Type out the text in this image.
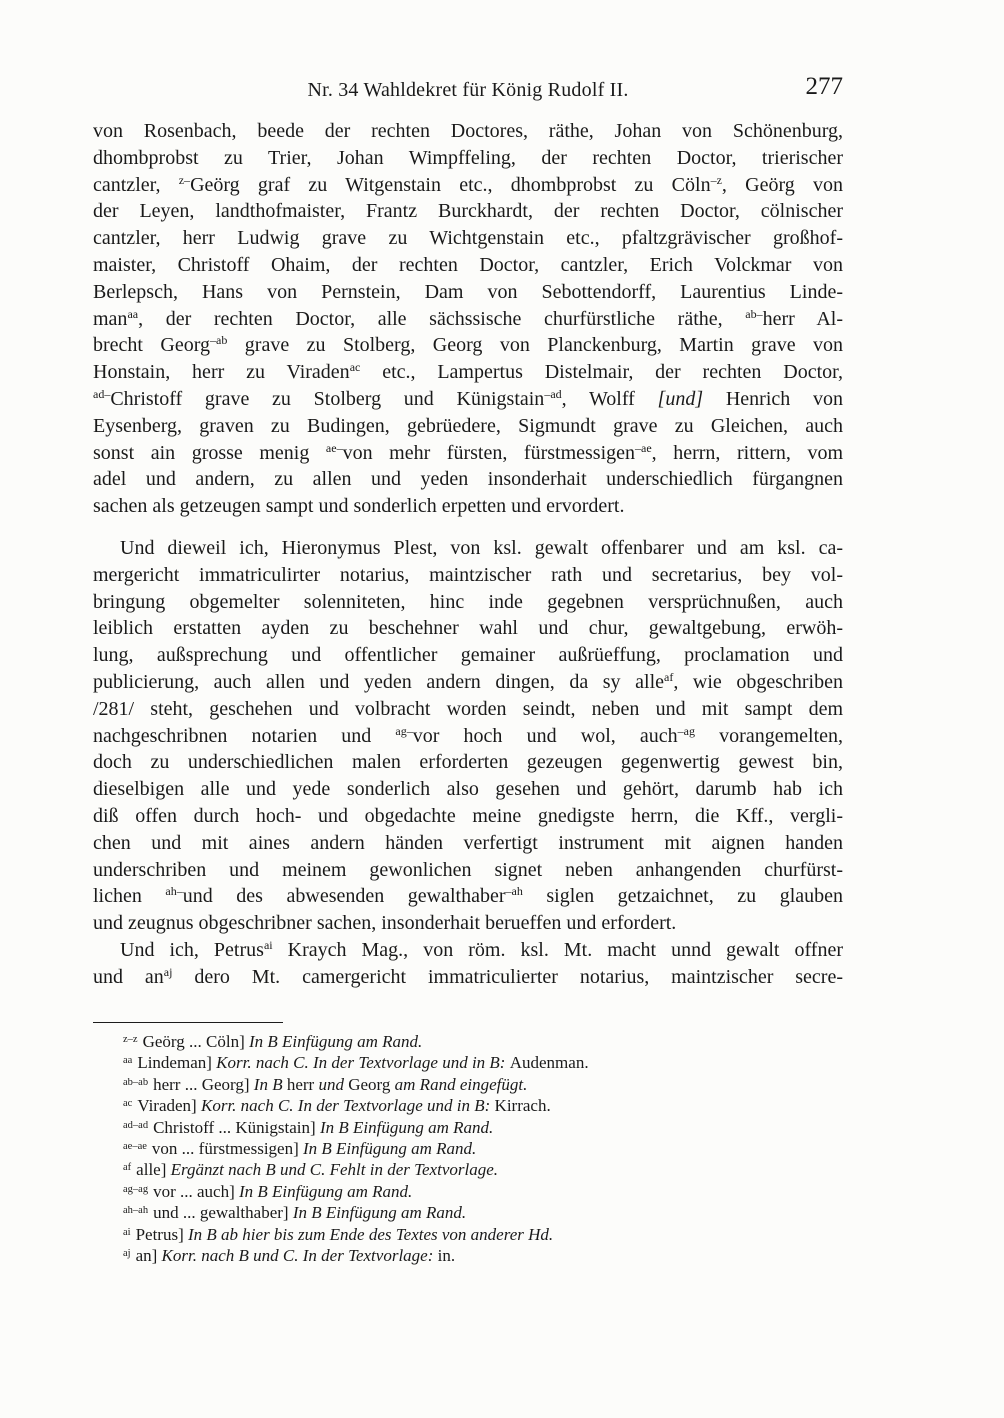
Nr. 34 Wahldekret für König Rudolf II.	277
von Rosenbach, beede der rechten Doctores, räthe, Johan von Schönenburg,
dhombprobst zu Trier, Johan Wimpffeling, der rechten Doctor, trierischer
cantzler, $^{z-}$Geörg graf zu Witgenstain etc., dhombprobst zu Cöln$^{-z}$, Geörg von
der Leyen, landthofmaister, Frantz Burckhardt, der rechten Doctor, cölnischer
cantzler, herr Ludwig grave zu Wichtgenstain etc., pfaltzgrävischer großhof-
maister, Christoff Ohaim, der rechten Doctor, cantzler, Erich Volckmar von
Berlepsch, Hans von Pernstein, Dam von Sebottendorff, Laurentius Linde-
man$^{aa}$, der rechten Doctor, alle sächssische churfürstliche räthe, $^{ab-}$herr Al-
brecht Georg$^{-ab}$ grave zu Stolberg, Georg von Planckenburg, Martin grave von
Honstain, herr zu Viraden$^{ac}$ etc., Lampertus Distelmair, der rechten Doctor,
$^{ad-}$Christoff grave zu Stolberg und Künigstain$^{-ad}$, Wolff [und] Henrich von
Eysenberg, graven zu Budingen, gebrüedere, Sigmundt grave zu Gleichen, auch
sonst ain grosse menig $^{ae-}$von mehr fürsten, fürstmessigen$^{-ae}$, herrn, rittern, vom
adel und andern, zu allen und yeden insonderhait underschiedlich fürgangnen
sachen als getzeugen sampt und sonderlich erpetten und ervordert.
Und dieweil ich, Hieronymus Plest, von ksl. gewalt offenbarer und am ksl. ca-
mergericht immatriculirter notarius, maintzischer rath und secretarius, bey vol-
bringung obgemelter solenniteten, hinc inde gegebnen versprüchnußen, auch
leiblich erstatten ayden zu beschehner wahl und chur, gewaltgebung, erwöh-
lung, außsprechung und offentlicher gemainer außrüeffung, proclamation und
publicierung, auch allen und yeden andern dingen, da sy alle$^{af}$, wie obgeschriben
/281/ steht, geschehen und volbracht worden seindt, neben und mit sampt dem
nachgeschribnen notarien und $^{ag-}$vor hoch und wol, auch$^{-ag}$ vorangemelten,
doch zu underschiedlichen malen erforderten gezeugen gegenwertig gewest bin,
dieselbigen alle und yede sonderlich also gesehen und gehört, darumb hab ich
diß offen durch hoch- und obgedachte meine gnedigste herrn, die Kff., vergli-
chen und mit aines andern händen verfertigt instrument mit aignen handen
underschriben und meinem gewonlichen signet neben anhangenden churfürst-
lichen $^{ah-}$und des abwesenden gewalthaber$^{-ah}$ siglen getzaichnet, zu glauben
und zeugnus obgeschribner sachen, insonderhait berueffen und erfordert.
Und ich, Petrus$^{ai}$ Kraych Mag., von röm. ksl. Mt. macht unnd gewalt offner
und $an^{aj}$ dero Mt. camergericht immatriculierter notarius, maintzischer secre-
$^{z-z}$ Geörg ... Cöln] In B Einfügung am Rand.
$^{aa}$ Lindeman] Korr. nach C. In der Textvorlage und in B: Audenman.
$^{ab-ab}$ herr ... Georg] In B herr und Georg am Rand eingefügt.
$^{ac}$ Viraden] Korr. nach C. In der Textvorlage und in B: Kirrach.
$^{ad-ad}$ Christoff ... Künigstain] In B Einfügung am Rand.
$^{ae-ae}$ von ... fürstmessigen] In B Einfügung am Rand.
$^{af}$ alle] Ergänzt nach B und C. Fehlt in der Textvorlage.
$^{ag-ag}$ vor ... auch] In B Einfügung am Rand.
$^{ah-ah}$ und ... gewalthaber] In B Einfügung am Rand.
$^{ai}$ Petrus] In B ab hier bis zum Ende des Textes von anderer Hd.
$^{aj}$ an] Korr. nach B und C. In der Textvorlage: in.
